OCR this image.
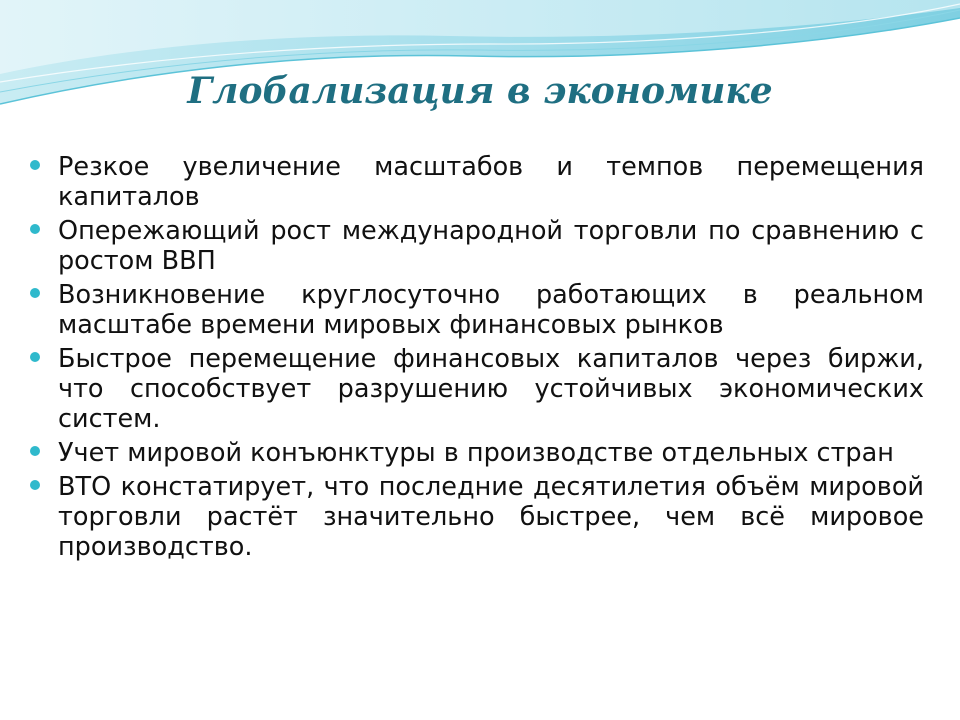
Глобализация в экономике
Резкое увеличение масштабов и темпов перемещения капиталов
Опережающий рост международной торговли по сравнению с ростом ВВП
Возникновение круглосуточно работающих в реальном масштабе времени мировых финансовых рынков
Быстрое перемещение финансовых капиталов через биржи, что способствует разрушению устойчивых экономических систем.
Учет мировой конъюнктуры в производстве отдельных стран
ВТО констатирует, что последние десятилетия объём мировой торговли растёт значительно быстрее, чем всё мировое производство.
